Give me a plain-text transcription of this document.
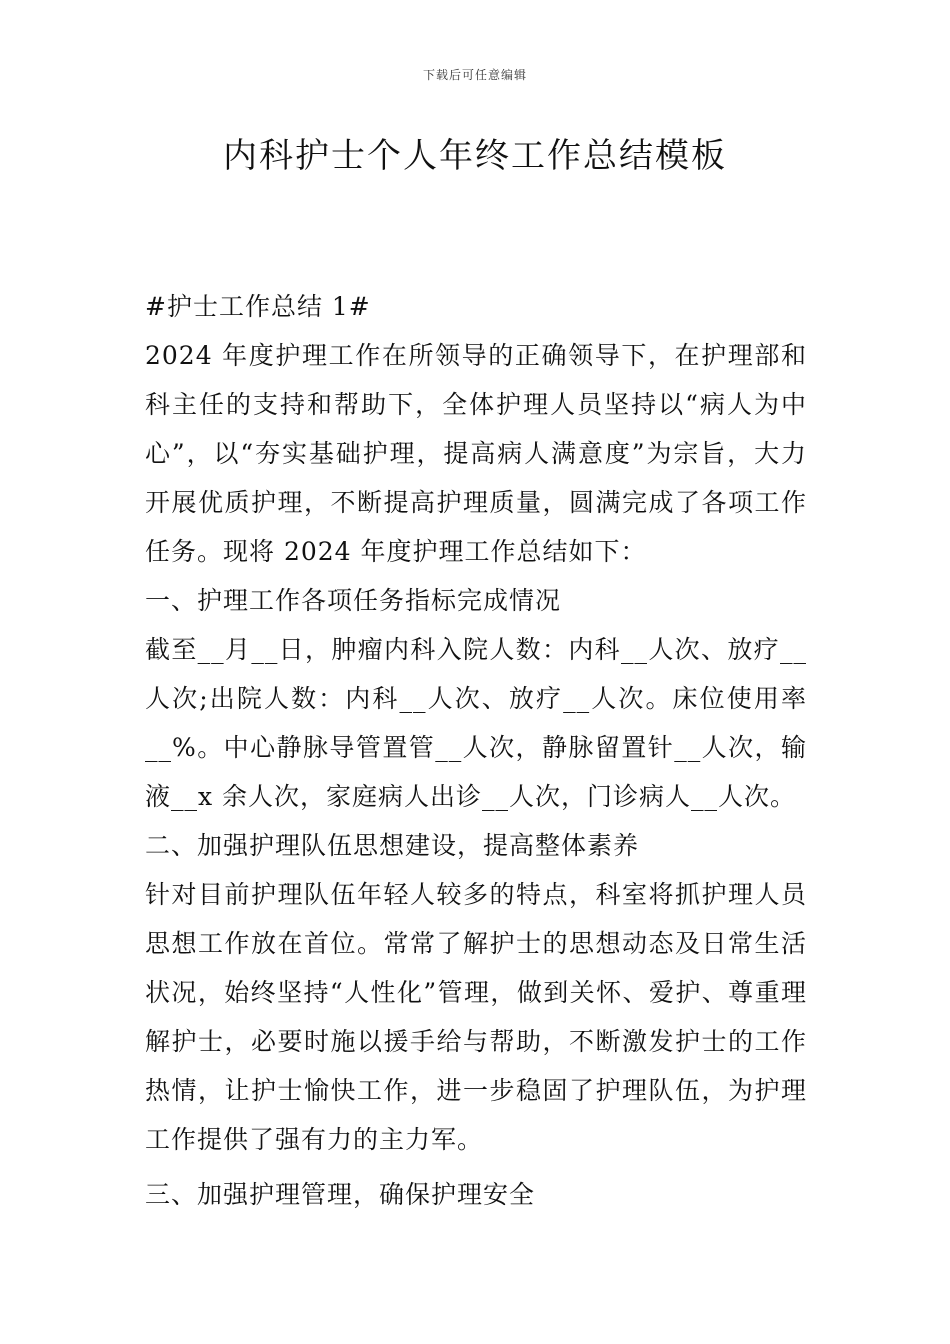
下载后可任意编辑
内科护士个人年终工作总结模板

#护士工作总结 1#

2024 年度护理工作在所领导的正确领导下，在护理部和科主任的支持和帮助下，全体护理人员坚持以“病人为中心”，以“夯实基础护理，提高病人满意度”为宗旨，大力开展优质护理，不断提高护理质量，圆满完成了各项工作任务。现将 2024 年度护理工作总结如下：

一、护理工作各项任务指标完成情况

截至__月__日，肿瘤内科入院人数：内科__人次、放疗__人次;出院人数：内科__人次、放疗__人次。床位使用率__%。中心静脉导管置管__人次，静脉留置针__人次，输液__x 余人次，家庭病人出诊__人次，门诊病人__人次。

二、加强护理队伍思想建设，提高整体素养

针对目前护理队伍年轻人较多的特点，科室将抓护理人员思想工作放在首位。常常了解护士的思想动态及日常生活状况，始终坚持“人性化”管理，做到关怀、爱护、尊重理解护士，必要时施以援手给与帮助，不断激发护士的工作热情，让护士愉快工作，进一步稳固了护理队伍，为护理工作提供了强有力的主力军。

三、加强护理管理，确保护理安全
